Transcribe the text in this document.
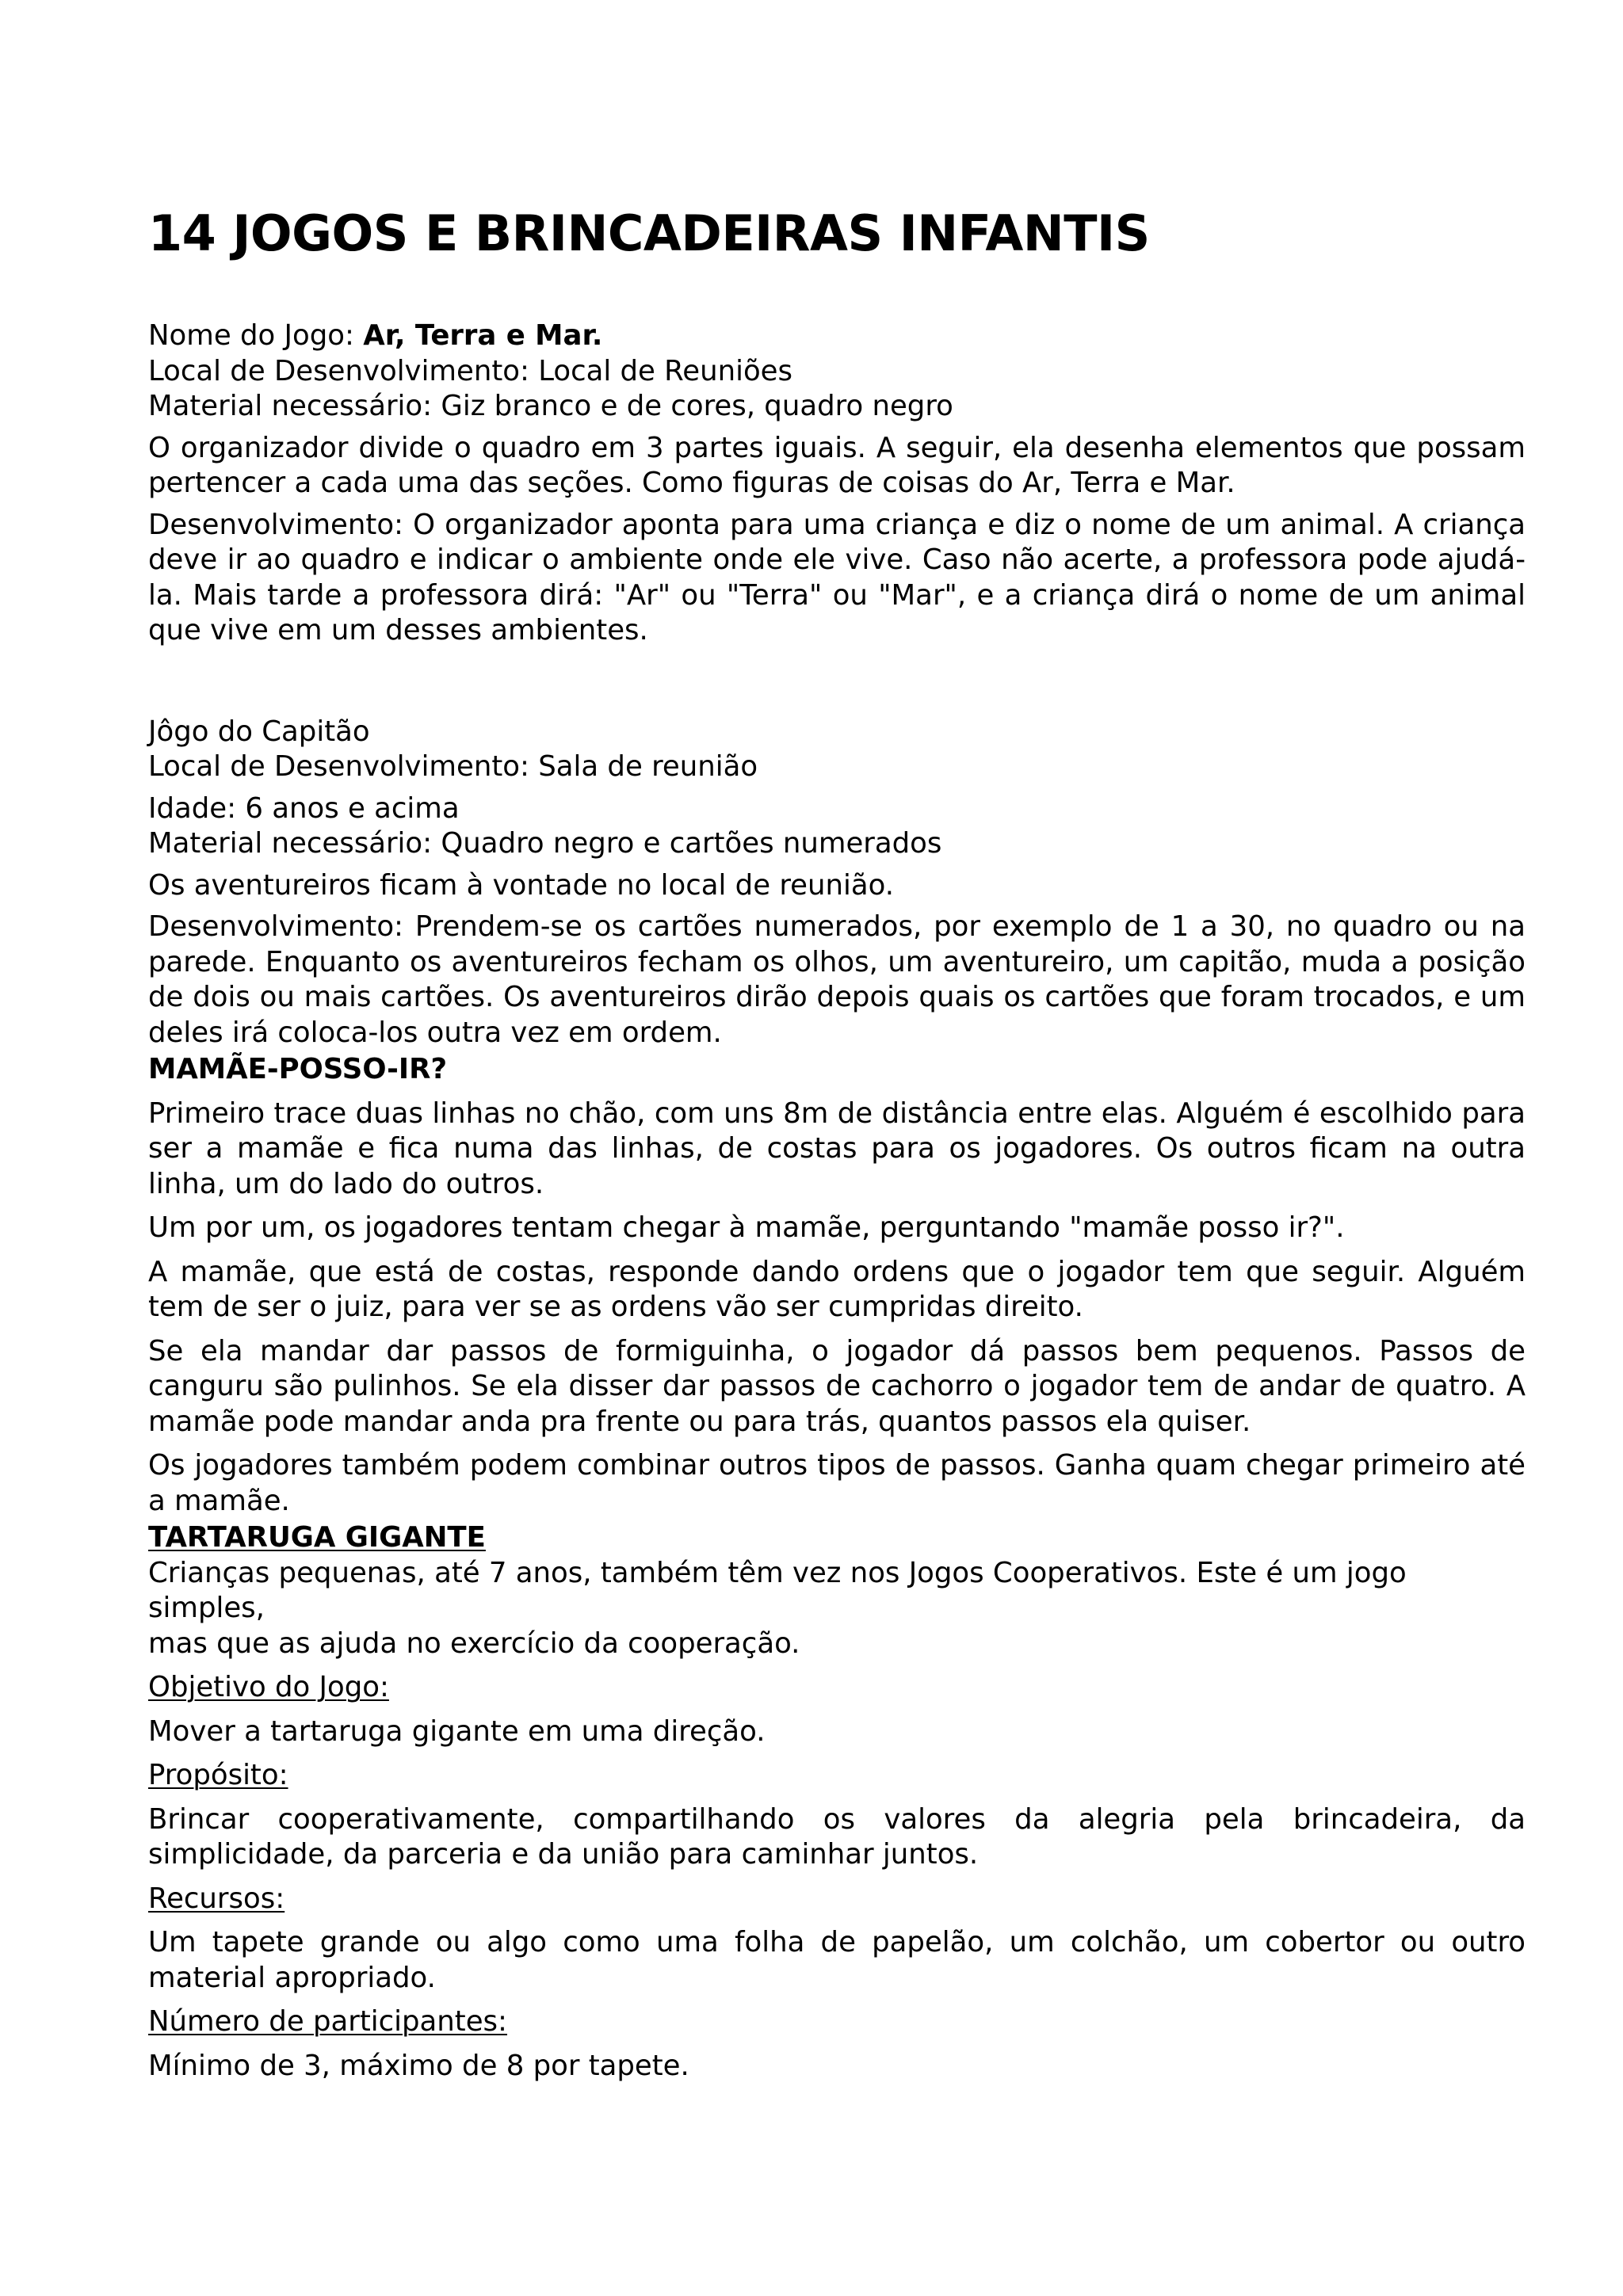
14 JOGOS E BRINCADEIRAS INFANTIS

Nome do Jogo: Ar, Terra e Mar.

Local de Desenvolvimento: Local de Reuniões

Material necessário: Giz branco e de cores, quadro negro

O organizador divide o quadro em 3 partes iguais. A seguir, ela desenha elementos que possam pertencer a cada uma das seções. Como figuras de coisas do Ar, Terra e Mar.

Desenvolvimento: O organizador aponta para uma criança e diz o nome de um animal. A criança deve ir ao quadro e indicar o ambiente onde ele vive. Caso não acerte, a professora pode ajudá-la. Mais tarde a professora dirá: "Ar" ou "Terra" ou "Mar", e a criança dirá o nome de um animal que vive em um desses ambientes.

Jôgo do Capitão

Local de Desenvolvimento: Sala de reunião

Idade: 6 anos e acima

Material necessário: Quadro negro e cartões numerados

Os aventureiros ficam à vontade no local de reunião.

Desenvolvimento: Prendem-se os cartões numerados, por exemplo de 1 a 30, no quadro ou na parede. Enquanto os aventureiros fecham os olhos, um aventureiro, um capitão, muda a posição de dois ou mais cartões. Os aventureiros dirão depois quais os cartões que foram trocados, e um deles irá coloca-los outra vez em ordem.

MAMÃE-POSSO-IR?

Primeiro trace duas linhas no chão, com uns 8m de distância entre elas. Alguém é escolhido para ser a mamãe e fica numa das linhas, de costas para os jogadores. Os outros ficam na outra linha, um do lado do outros.

Um por um, os jogadores tentam chegar à mamãe, perguntando "mamãe posso ir?".

A mamãe, que está de costas, responde dando ordens que o jogador tem que seguir. Alguém tem de ser o juiz, para ver se as ordens vão ser cumpridas direito.

Se ela mandar dar passos de formiguinha, o jogador dá passos bem pequenos. Passos de canguru são pulinhos. Se ela disser dar passos de cachorro o jogador tem de andar de quatro. A mamãe pode mandar anda pra frente ou para trás, quantos passos ela quiser.

Os jogadores também podem combinar outros tipos de passos. Ganha quam chegar primeiro até a mamãe.

TARTARUGA GIGANTE

Crianças pequenas, até 7 anos, também têm vez nos Jogos Cooperativos. Este é um jogo simples,

mas que as ajuda no exercício da cooperação.

Objetivo do Jogo:

Mover a tartaruga gigante em uma direção.

Propósito:

Brincar cooperativamente, compartilhando os valores da alegria pela brincadeira, da simplicidade, da parceria e da união para caminhar juntos.

Recursos:

Um tapete grande ou algo como uma folha de papelão, um colchão, um cobertor ou outro material apropriado.

Número de participantes:

Mínimo de 3, máximo de 8 por tapete.
